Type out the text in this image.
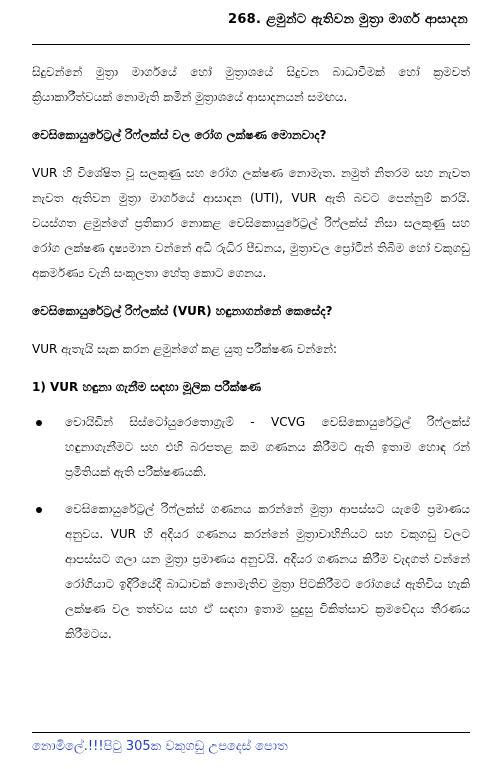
268. ළමුන්ට ඇතිවන මුත්‍රා මාර්ග ආසාදන

සිදුවන්නේ මුත්‍රා මාර්ගයේ හෝ මුත්‍රාශයේ සිදුවන බාධාවීමක් හෝ ක්‍රමවත් ක්‍රියාකාරීත්වයක් නොමැති කමින් මුත්‍රාශයේ ආසාදනයන් සමඟය.

වෙසිකොයුරේට්‍රල් රිෆ්ලක්ස් වල රෝග ලක්ෂණ මොනවාද?

VUR හි විශේෂිත වූ සලකුණු සහ රෝග ලක්ෂණ නොමැත. නමුත් නිතරම සහ නැවත නැවත ඇතිවන මුත්‍රා මාර්ගයේ ආසාදන (UTI), VUR ඇති බවට පෙන්නුම් කරයි. වයස්ගත ළමුන්ගේ ප්‍රතිකාර නොකළ වෙසිකොයුරේට්‍රල් රිෆ්ලක්ස් නිසා සලකුණු සහ රෝග ලක්ෂණ දෘෂ්‍යමාන වන්නේ අධි රුධිර පීඩනය, මුත්‍රාවල ප්‍රෝටීන් තිබීම හෝ වකුගඩු අකර්මණ්‍ය වැනි සංකූලතා හේතු කොට ගෙනය.

වෙසිකොයුරේට්‍රල් රිෆ්ලක්ස් (VUR) හඳුනාගන්නේ කෙසේද?

VUR ඇතැයි සැක කරන ළමුන්ගේ කළ යුතු පරීක්ෂණ වන්නේ:

1) VUR හඳුනා ගැනීම සඳහා මූලික පරීක්ෂණ
වොයිඩින් සිස්ටෝයුරෙතොග්‍රැම් - VCVG වෙසිකොයුරේට්‍රල් රිෆ්ලක්ස් හඳුනාගැනීමට සහ එහි බරපතළ කම ගණනය කිරීමට ඇති ඉතාම හොඳ රන් ප්‍රමිතියක් ඇති පරීක්ෂණයකි.
වෙසිකොයුරේට්‍රල් රිෆ්ලක්ස් ගණනය කරන්නේ මුත්‍රා ආපස්සට යැමේ ප්‍රමාණය අනුවය. VUR හි අදියර ගණනය කරන්නේ මුත්‍රාවාහිනියට සහ වකුගඩු වලට ආපස්සට ගලා යන මුත්‍රා ප්‍රමාණය අනුවයි. අදියර ගණනය කිරීම වැදගත් වන්නේ රෝගියාට ඉදිරියේදී බාධාවක් නොමැතිව මුත්‍රා පිටකිරීමට රෝගයේ ඇතිවිය හැකි ලක්ෂණ වල තත්වය සහ ඒ සඳහා ඉතාම සුදුසු චිකිත්සාව ක්‍රමවේදය තීරණය කිරීමටය.
නොමිලේ.!!!පිටු 305ක වකුගඩු උපදෙස් පොත
